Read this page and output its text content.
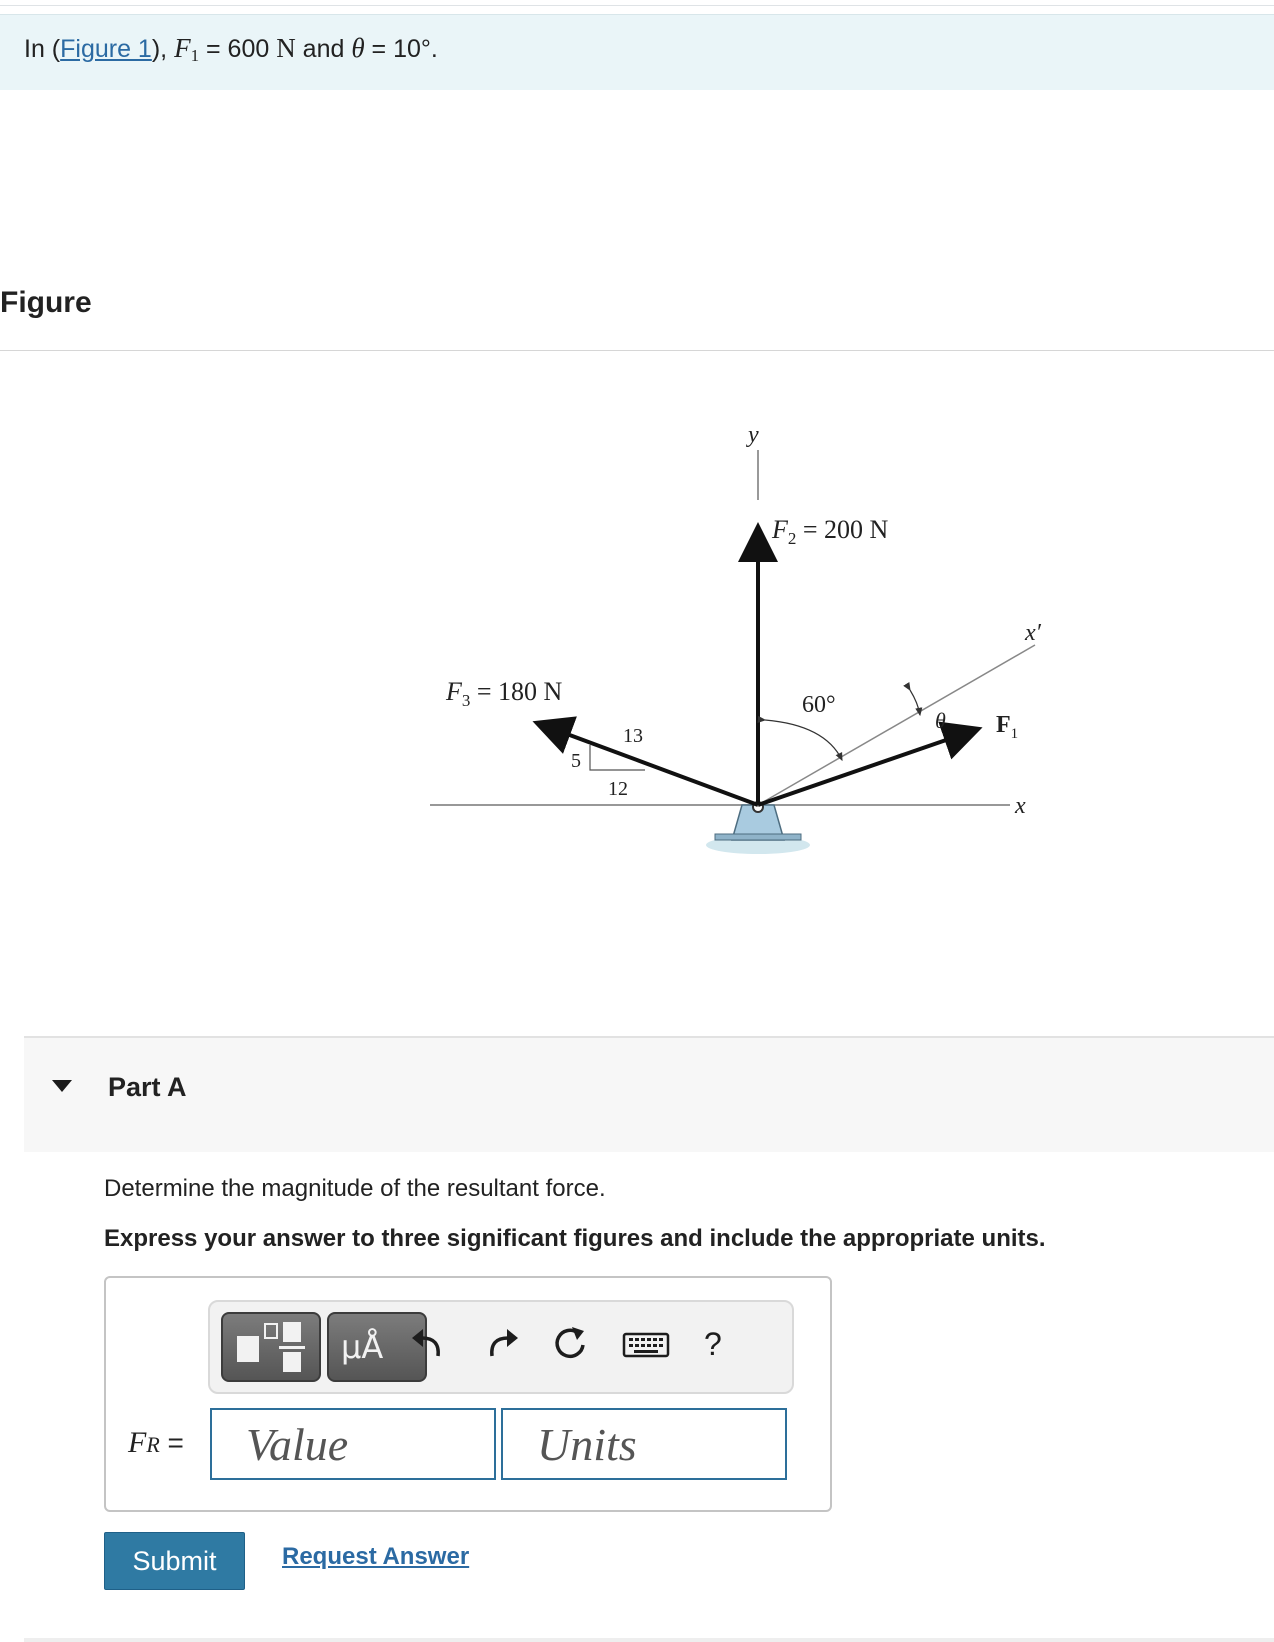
In (Figure 1), $F_1 = 600$ N and θ = 10°.
Figure
y
x
x′
$F_2 = 200$ N
$F_3 = 180$ N
$F_1$
60°
θ
13
5
12
Part A
Determine the magnitude of the resultant force.
Express your answer to three significant figures and include the appropriate units.
μÅ	?
FR =	Value	Units
Submit	Request Answer
